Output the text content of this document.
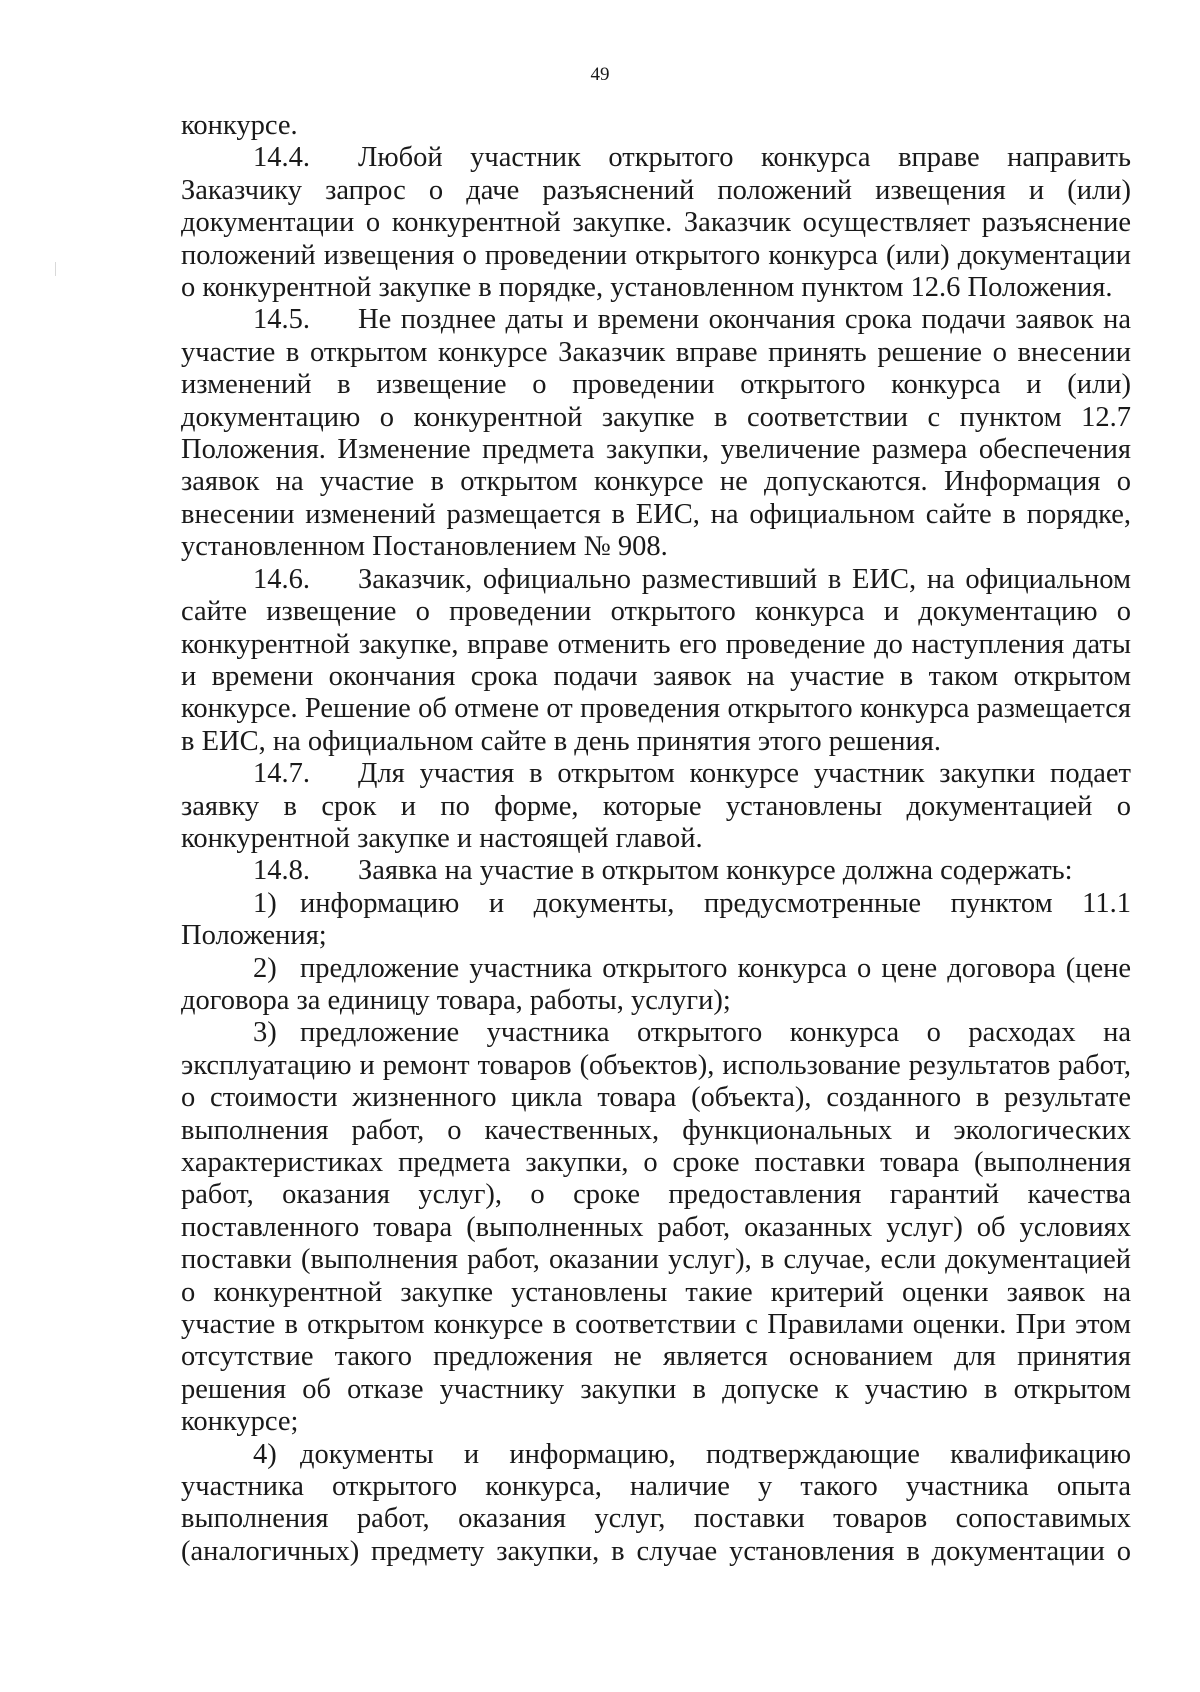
49

конкурсе.

14.4. Любой участник открытого конкурса вправе направить Заказчику запрос о даче разъяснений положений извещения и (или) документации о конкурентной закупке. Заказчик осуществляет разъяснение положений извещения о проведении открытого конкурса (или) документации о конкурентной закупке в порядке, установленном пунктом 12.6 Положения.

14.5. Не позднее даты и времени окончания срока подачи заявок на участие в открытом конкурсе Заказчик вправе принять решение о внесении изменений в извещение о проведении открытого конкурса и (или) документацию о конкурентной закупке в соответствии с пунктом 12.7 Положения. Изменение предмета закупки, увеличение размера обеспечения заявок на участие в открытом конкурсе не допускаются. Информация о внесении изменений размещается в ЕИС, на официальном сайте в порядке, установленном Постановлением № 908.

14.6. Заказчик, официально разместивший в ЕИС, на официальном сайте извещение о проведении открытого конкурса и документацию о конкурентной закупке, вправе отменить его проведение до наступления даты и времени окончания срока подачи заявок на участие в таком открытом конкурсе. Решение об отмене от проведения открытого конкурса размещается в ЕИС, на официальном сайте в день принятия этого решения.

14.7. Для участия в открытом конкурсе участник закупки подает заявку в срок и по форме, которые установлены документацией о конкурентной закупке и настоящей главой.

14.8. Заявка на участие в открытом конкурсе должна содержать:

1) информацию и документы, предусмотренные пунктом 11.1 Положения;

2) предложение участника открытого конкурса о цене договора (цене договора за единицу товара, работы, услуги);

3) предложение участника открытого конкурса о расходах на эксплуатацию и ремонт товаров (объектов), использование результатов работ, о стоимости жизненного цикла товара (объекта), созданного в результате выполнения работ, о качественных, функциональных и экологических характеристиках предмета закупки, о сроке поставки товара (выполнения работ, оказания услуг), о сроке предоставления гарантий качества поставленного товара (выполненных работ, оказанных услуг) об условиях поставки (выполнения работ, оказании услуг), в случае, если документацией о конкурентной закупке установлены такие критерий оценки заявок на участие в открытом конкурсе в соответствии с Правилами оценки. При этом отсутствие такого предложения не является основанием для принятия решения об отказе участнику закупки в допуске к участию в открытом конкурсе;

4) документы и информацию, подтверждающие квалификацию участника открытого конкурса, наличие у такого участника опыта выполнения работ, оказания услуг, поставки товаров сопоставимых (аналогичных) предмету закупки, в случае установления в документации о
